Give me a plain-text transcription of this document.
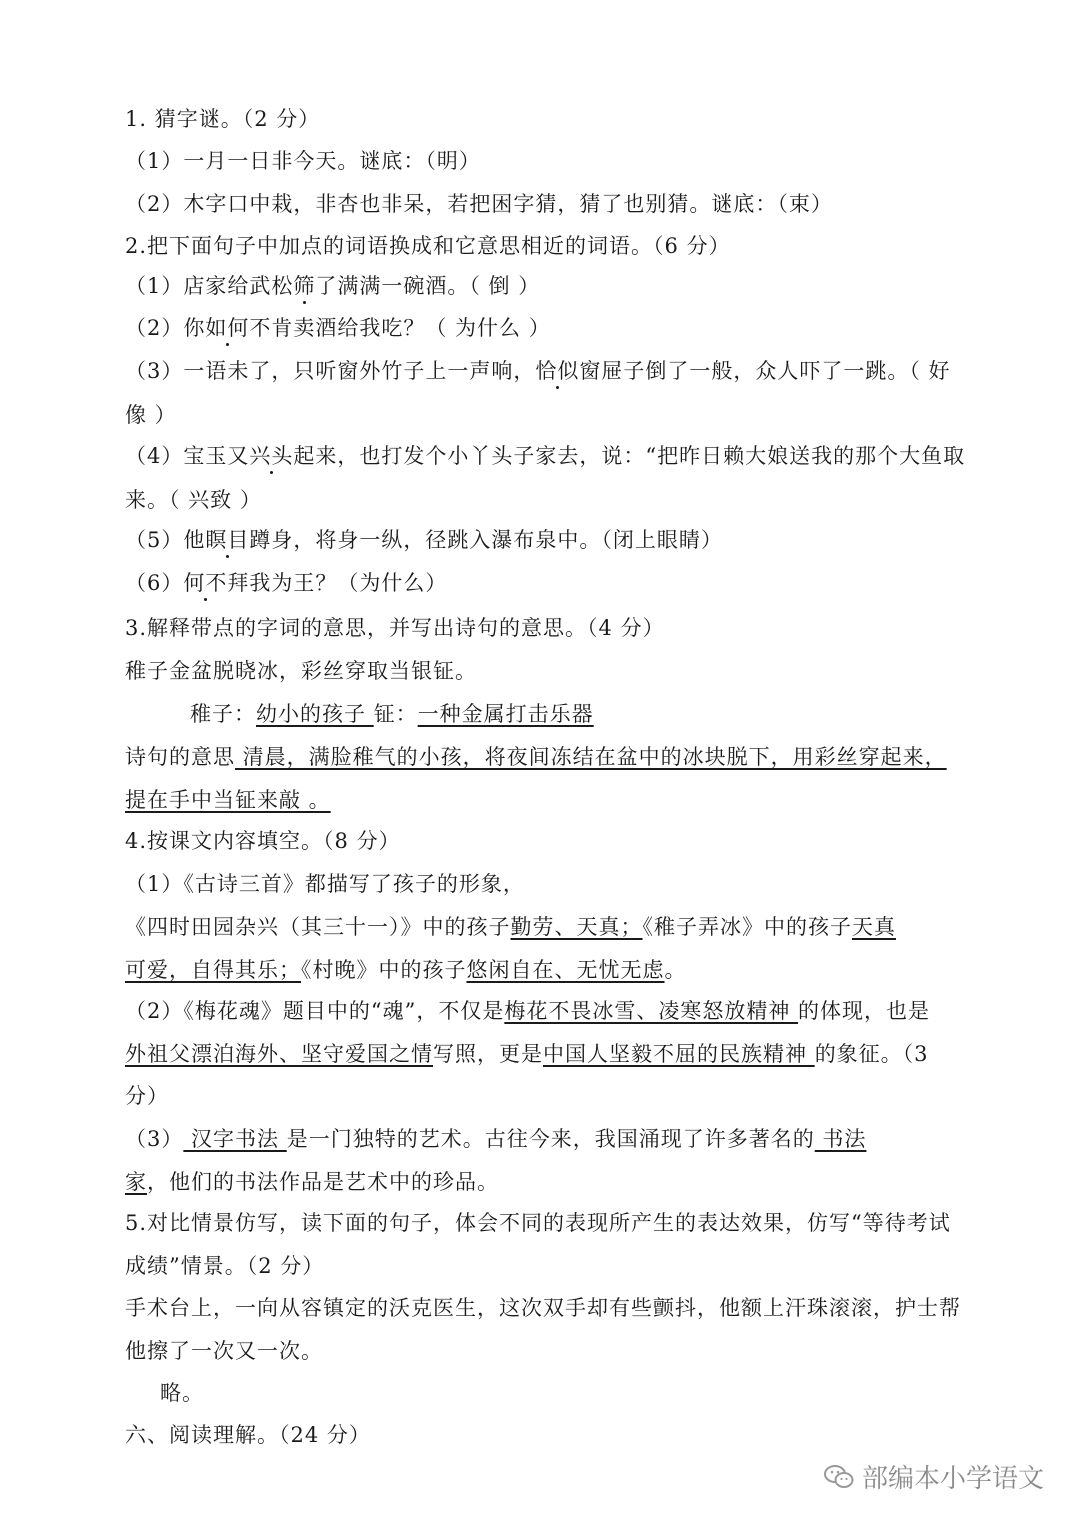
1. 猜字谜。（2 分）
（1）一月一日非今天。谜底：（明）
（2）木字口中栽，非杏也非呆，若把困字猜，猜了也别猜。谜底：（束）
2.把下面句子中加点的词语换成和它意思相近的词语。（6 分）
（1）店家给武松筛了满满一碗酒。（ 倒 ）
（2）你如何不肯卖酒给我吃？（ 为什么 ）
（3）一语未了，只听窗外竹子上一声响，恰似窗屉子倒了一般，众人吓了一跳。（ 好
像 ）
（4）宝玉又兴头起来，也打发个小丫头子家去，说：“把昨日赖大娘送我的那个大鱼取
来。（ 兴致 ）
（5）他瞑目蹲身，将身一纵，径跳入瀑布泉中。（闭上眼睛）
（6）何不拜我为王？（为什么）
3.解释带点的字词的意思，并写出诗句的意思。（4 分）
稚子金盆脱晓冰，彩丝穿取当银钲。
稚子：幼小的孩子 钲：一种金属打击乐器
诗句的意思 清晨，满脸稚气的小孩，将夜间冻结在盆中的冰块脱下，用彩丝穿起来，
提在手中当钲来敲 。
4.按课文内容填空。（8 分）
（1）《古诗三首》都描写了孩子的形象，
《四时田园杂兴（其三十一）》中的孩子勤劳、天真；《稚子弄冰》中的孩子天真
可爱，自得其乐；《村晚》中的孩子悠闲自在、无忧无虑。
（2）《梅花魂》题目中的“魂”，不仅是梅花不畏冰雪、凌寒怒放精神 的体现，也是
外祖父漂泊海外、坚守爱国之情写照，更是中国人坚毅不屈的民族精神 的象征。（3
分）
（3） 汉字书法 是一门独特的艺术。古往今来，我国涌现了许多著名的 书法
家，他们的书法作品是艺术中的珍品。
5.对比情景仿写，读下面的句子，体会不同的表现所产生的表达效果，仿写“等待考试
成绩”情景。（2 分）
手术台上，一向从容镇定的沃克医生，这次双手却有些颤抖，他额上汗珠滚滚，护士帮
他擦了一次又一次。
略。
六、阅读理解。（24 分）
部编本小学语文
